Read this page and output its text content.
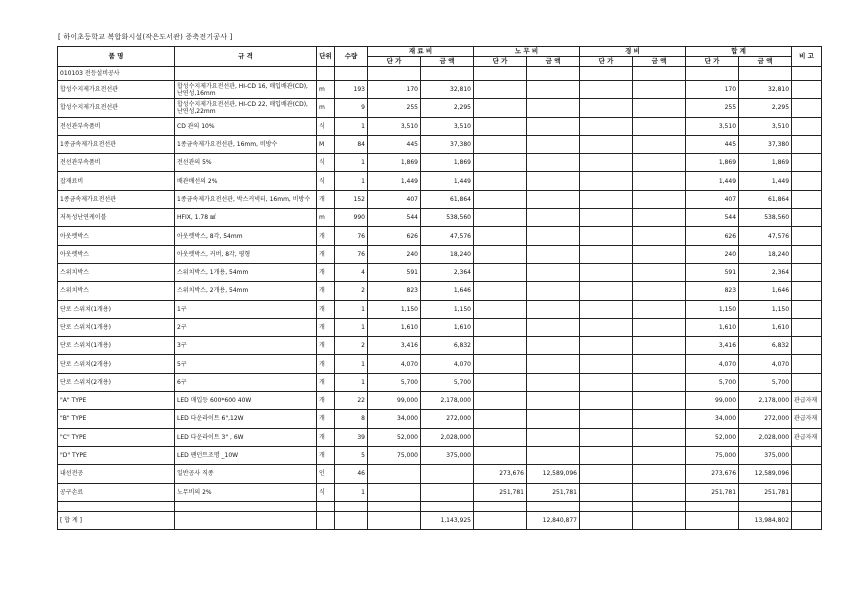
[ 하이초등학교 복합화시설(작은도서관) 증축전기공사 ]
품 명	규 격	단위	수량	재 료 비		노 무 비		경 비		합 계		비 고
				단 가	금 액	단 가	금 액	단 가	금 액	단 가	금 액	
010103 전등설비공사												
합성수지제가요전선관	합성수지제가요전선관, HI-CD 16, 매입배관(CD), 난연성,16mm	m	193	170	32,810					170	32,810	
합성수지제가요전선관	합성수지제가요전선관, HI-CD 22, 매입배관(CD), 난연성,22mm	m	9	255	2,295					255	2,295	
전선관부속품비	CD 관의 10%	식	1	3,510	3,510					3,510	3,510	
1종금속제가요전선관	1종금속제가요전선관, 16mm, 비방수	M	84	445	37,380					445	37,380	
전선관부속품비	전선관의 5%	식	1	1,869	1,869					1,869	1,869	
잡재료비	배관배선의 2%	식	1	1,449	1,449					1,449	1,449	
1종금속제가요전선관	1종금속제가요전선관, 박스커넥터, 16mm, 비방수	개	152	407	61,864					407	61,864	
저독성난연케이블	HFIX, 1.78 ㎟	m	990	544	538,560					544	538,560	
아웃렛박스	아웃렛박스, 8각, 54mm	개	76	626	47,576					626	47,576	
아웃렛박스	아웃렛박스, 커버, 8각, 평형	개	76	240	18,240					240	18,240	
스위치박스	스위치박스, 1개용, 54mm	개	4	591	2,364					591	2,364	
스위치박스	스위치박스, 2개용, 54mm	개	2	823	1,646					823	1,646	
단로 스위치(1개용)	1구	개	1	1,150	1,150					1,150	1,150	
단로 스위치(1개용)	2구	개	1	1,610	1,610					1,610	1,610	
단로 스위치(1개용)	3구	개	2	3,416	6,832					3,416	6,832	
단로 스위치(2개용)	5구	개	1	4,070	4,070					4,070	4,070	
단로 스위치(2개용)	6구	개	1	5,700	5,700					5,700	5,700	
"A" TYPE	LED 매입등 600*600 40W	개	22	99,000	2,178,000					99,000	2,178,000	관급자재
"B" TYPE	LED 다운라이트 6",12W	개	8	34,000	272,000					34,000	272,000	관급자재
"C" TYPE	LED 다운라이트 3" , 6W	개	39	52,000	2,028,000					52,000	2,028,000	관급자재
"D" TYPE	LED 팬던트조명 _10W	개	5	75,000	375,000					75,000	375,000	
내선전공	일반공사 직종	인	46			273,676	12,589,096			273,676	12,589,096	
공구손료	노무비의 2%	식	1			251,781	251,781			251,781	251,781	

[ 합 계 ]					1,143,925		12,840,877				13,984,802	
